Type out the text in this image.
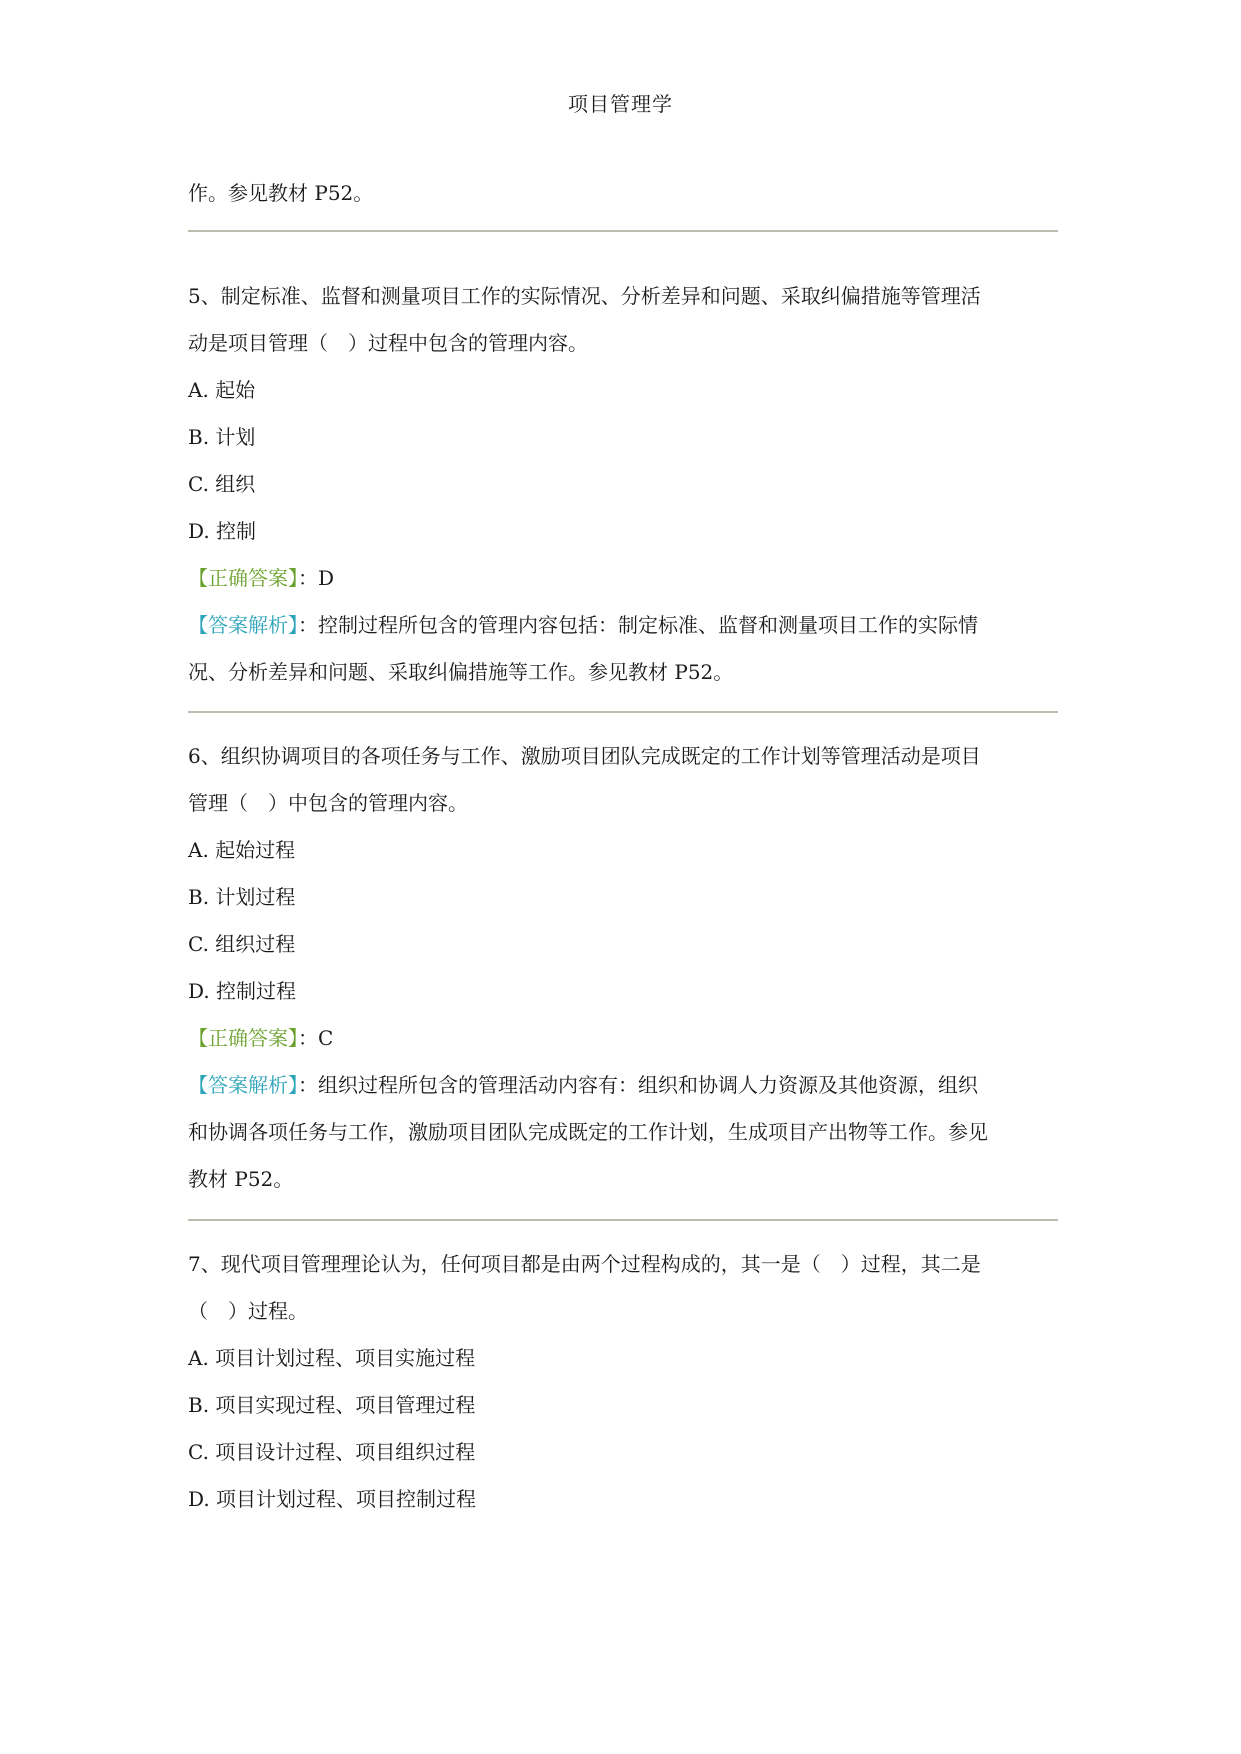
项目管理学
作。参见教材 P52。
5、制定标准、监督和测量项目工作的实际情况、分析差异和问题、采取纠偏措施等管理活
动是项目管理（　）过程中包含的管理内容。
A. 起始
B. 计划
C. 组织
D. 控制
【正确答案】：D
【答案解析】：控制过程所包含的管理内容包括：制定标准、监督和测量项目工作的实际情
况、分析差异和问题、采取纠偏措施等工作。参见教材 P52。
6、组织协调项目的各项任务与工作、激励项目团队完成既定的工作计划等管理活动是项目
管理（　）中包含的管理内容。
A. 起始过程
B. 计划过程
C. 组织过程
D. 控制过程
【正确答案】：C
【答案解析】：组织过程所包含的管理活动内容有：组织和协调人力资源及其他资源，组织
和协调各项任务与工作，激励项目团队完成既定的工作计划，生成项目产出物等工作。参见
教材 P52。
7、现代项目管理理论认为，任何项目都是由两个过程构成的，其一是（　）过程，其二是
（　）过程。
A. 项目计划过程、项目实施过程
B. 项目实现过程、项目管理过程
C. 项目设计过程、项目组织过程
D. 项目计划过程、项目控制过程
